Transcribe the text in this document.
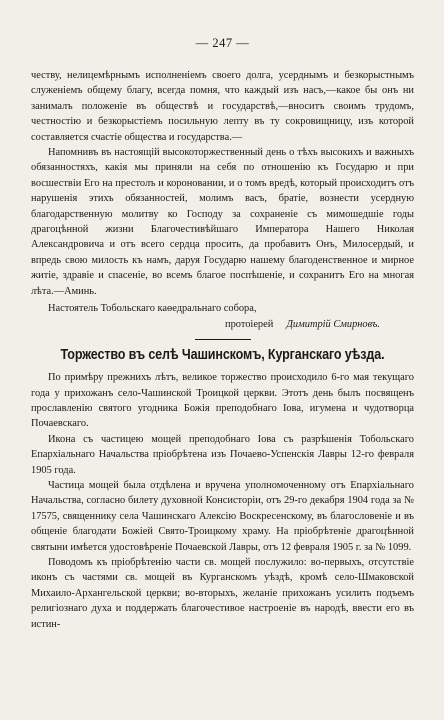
— 247 —

честву, нелицемѣрнымъ исполненiемъ своего долга, усерднымъ и безкорыстнымъ служенiемъ общему благу, всегда помня, что каждый изъ насъ,—какое бы онъ ни занималъ положенiе въ обществѣ и государствѣ,—вноситъ своимъ трудомъ, честностiю и безкорыстiемъ посильную лепту въ ту сокровищницу, изъ которой составляется счастiе общества и государства.—

Напомнивъ въ настоящiй высокоторжественный день о тѣхъ высокихъ и важныхъ обязанностяхъ, какiя мы приняли на себя по отношенiю къ Государю и при восшествiи Его на престолъ и короновании, и о томъ вредѣ, который происходитъ отъ нарушенiя этихъ обязанностей, молимъ васъ, братiе, вознести усердную благодарственную молитву ко Господу за сохраненiе съ мимошедшiе годы драгоцѣнной жизни Благочестивѣйшаго Императора Нашего Николая Александровича и отъ всего сердца просить, да пробавитъ Онъ, Милосердый, и впредь свою милость къ намъ, даруя Государю нашему благоденственное и мирное житiе, здравiе и спасенiе, во всемъ благое поспѣшенiе, и сохранитъ Его на многая лѣта.—Аминь.

Настоятель Тобольскаго каѳедральнаго собора,
протоiерей Димитрiй Смирновъ.
Торжество въ селѣ Чашинскомъ, Курганскаго уѣзда.

По примѣру прежнихъ лѣтъ, великое торжество происходило 6-го мая текущаго года у прихожанъ село-Чашинской Троицкой церкви. Этотъ день былъ посвященъ прославленiю святого угодника Божiя преподобнаго Iова, игумена и чудотворца Почаевскаго.

Икона съ частицею мощей преподобнаго Iова съ разрѣшенiя Тобольскаго Епархiальнаго Начальства прiобрѣтена изъ Почаево-Успенскiя Лавры 12-го февраля 1905 года.

Частица мощей была отдѣлена и вручена уполномоченному отъ Епархiальнаго Начальства, согласно билету духовной Консисторiи, отъ 29-го декабря 1904 года за № 17575, священнику села Чашинскаго Алексiю Воскресенскому, въ благословенiе и въ общенiе благодати Божiей Свято-Троицкому храму. На прiобрѣтенiе драгоцѣнной святыни имѣется удостовѣренiе Почаевской Лавры, отъ 12 февраля 1905 г. за № 1099.

Поводомъ къ прiобрѣтенiю части св. мощей послужило: во-первыхъ, отсутствiе иконъ съ частями св. мощей въ Курганскомъ уѣздѣ, кромѣ село-Шмаковской Михаило-Архангельской церкви; во-вторыхъ, желанiе прихожанъ усилить подъемъ религiознаго духа и поддержать благочестивое настроенiе въ народѣ, ввести его въ истин-
